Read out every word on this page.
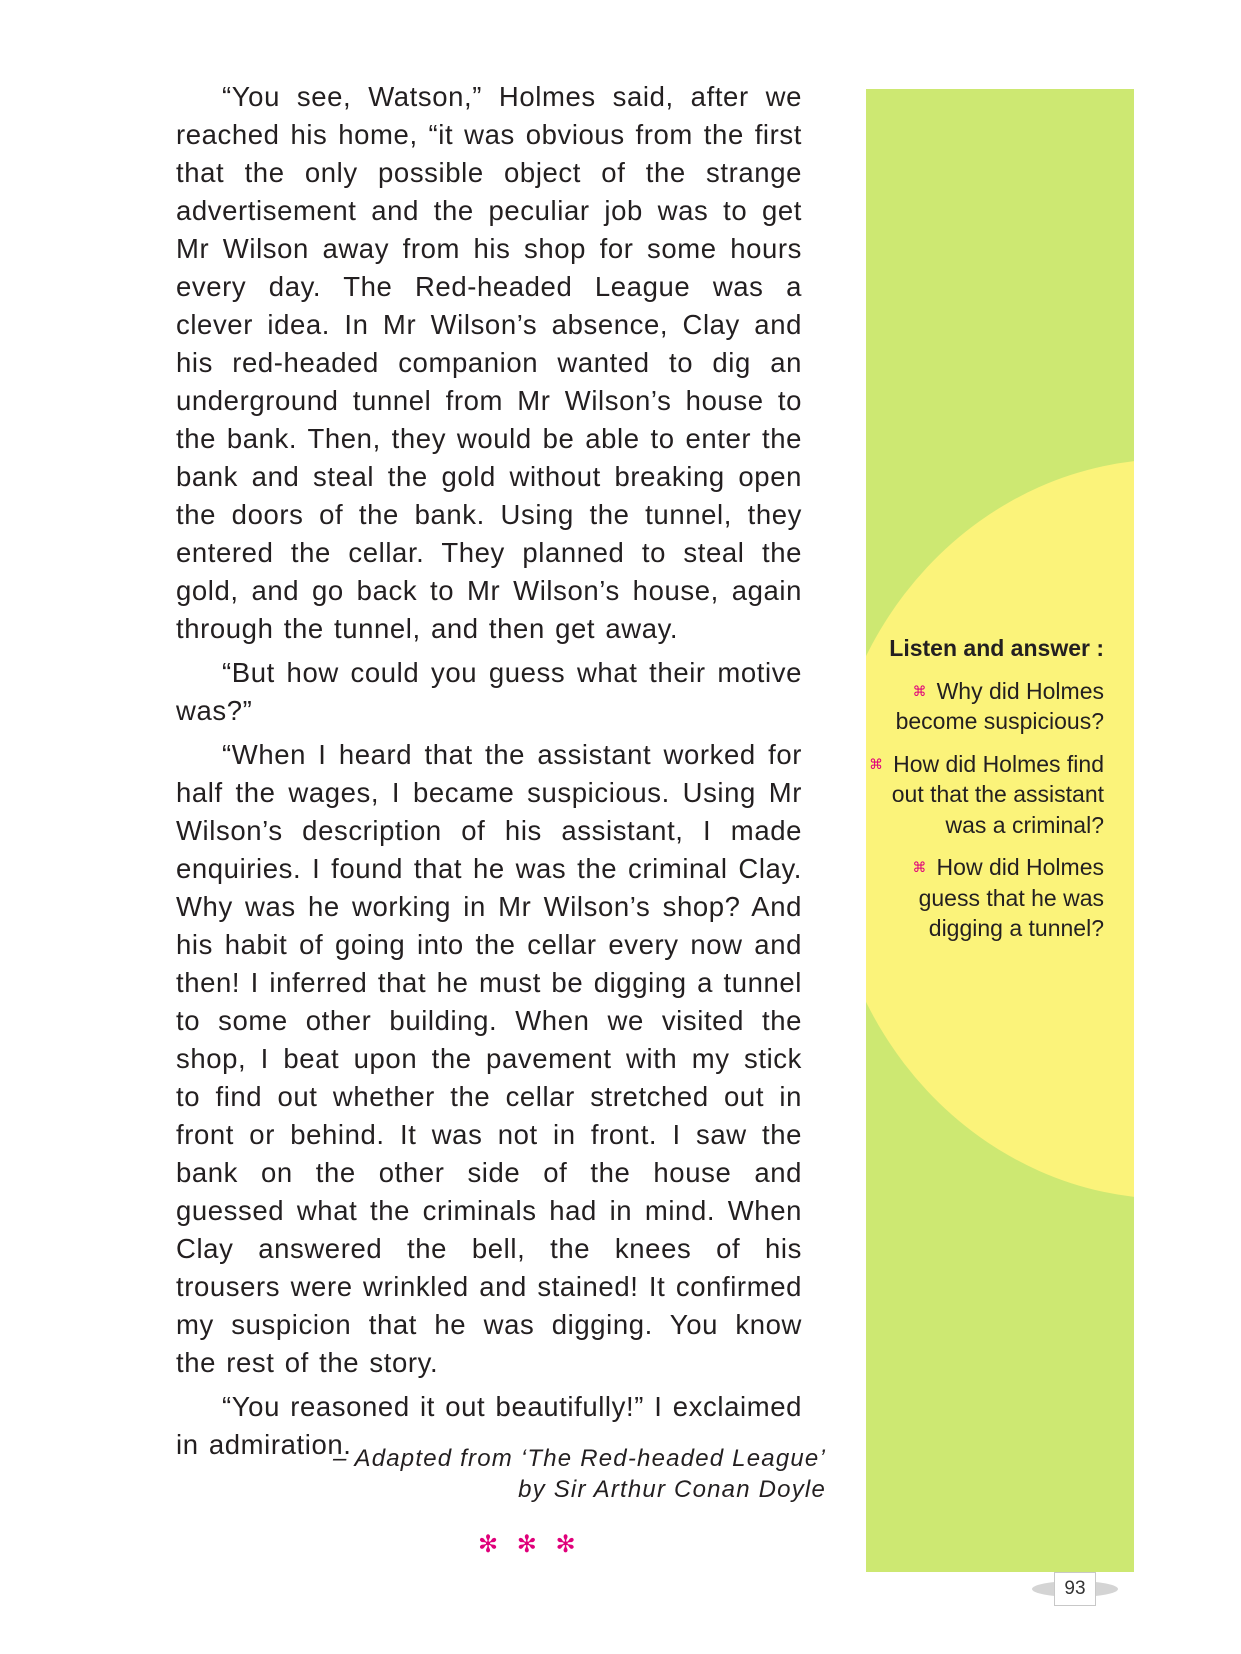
“You see, Watson,” Holmes said, after we reached his home, “it was obvious from the first that the only possible object of the strange advertisement and the peculiar job was to get Mr Wilson away from his shop for some hours every day. The Red-headed League was a clever idea. In Mr Wilson’s absence, Clay and his red-headed companion wanted to dig an underground tunnel from Mr Wilson’s house to the bank. Then, they would be able to enter the bank and steal the gold without breaking open the doors of the bank. Using the tunnel, they entered the cellar. They planned to steal the gold, and go back to Mr Wilson’s house, again through the tunnel, and then get away.

“But how could you guess what their motive was?”

“When I heard that the assistant worked for half the wages, I became suspicious. Using Mr Wilson’s description of his assistant, I made enquiries. I found that he was the criminal Clay. Why was he working in Mr Wilson’s shop? And his habit of going into the cellar every now and then! I inferred that he must be digging a tunnel to some other building. When we visited the shop, I beat upon the pavement with my stick to find out whether the cellar stretched out in front or behind. It was not in front. I saw the bank on the other side of the house and guessed what the criminals had in mind. When Clay answered the bell, the knees of his trousers were wrinkled and stained! It confirmed my suspicion that he was digging. You know the rest of the story.

“You reasoned it out beautifully!” I exclaimed in admiration.

– Adapted from ‘The Red-headed League’
by Sir Arthur Conan Doyle
✻ ✻ ✻
Listen and answer :
⌘ Why did Holmes become suspicious?
⌘ How did Holmes find out that the assistant was a criminal?
⌘ How did Holmes guess that he was digging a tunnel?
93
